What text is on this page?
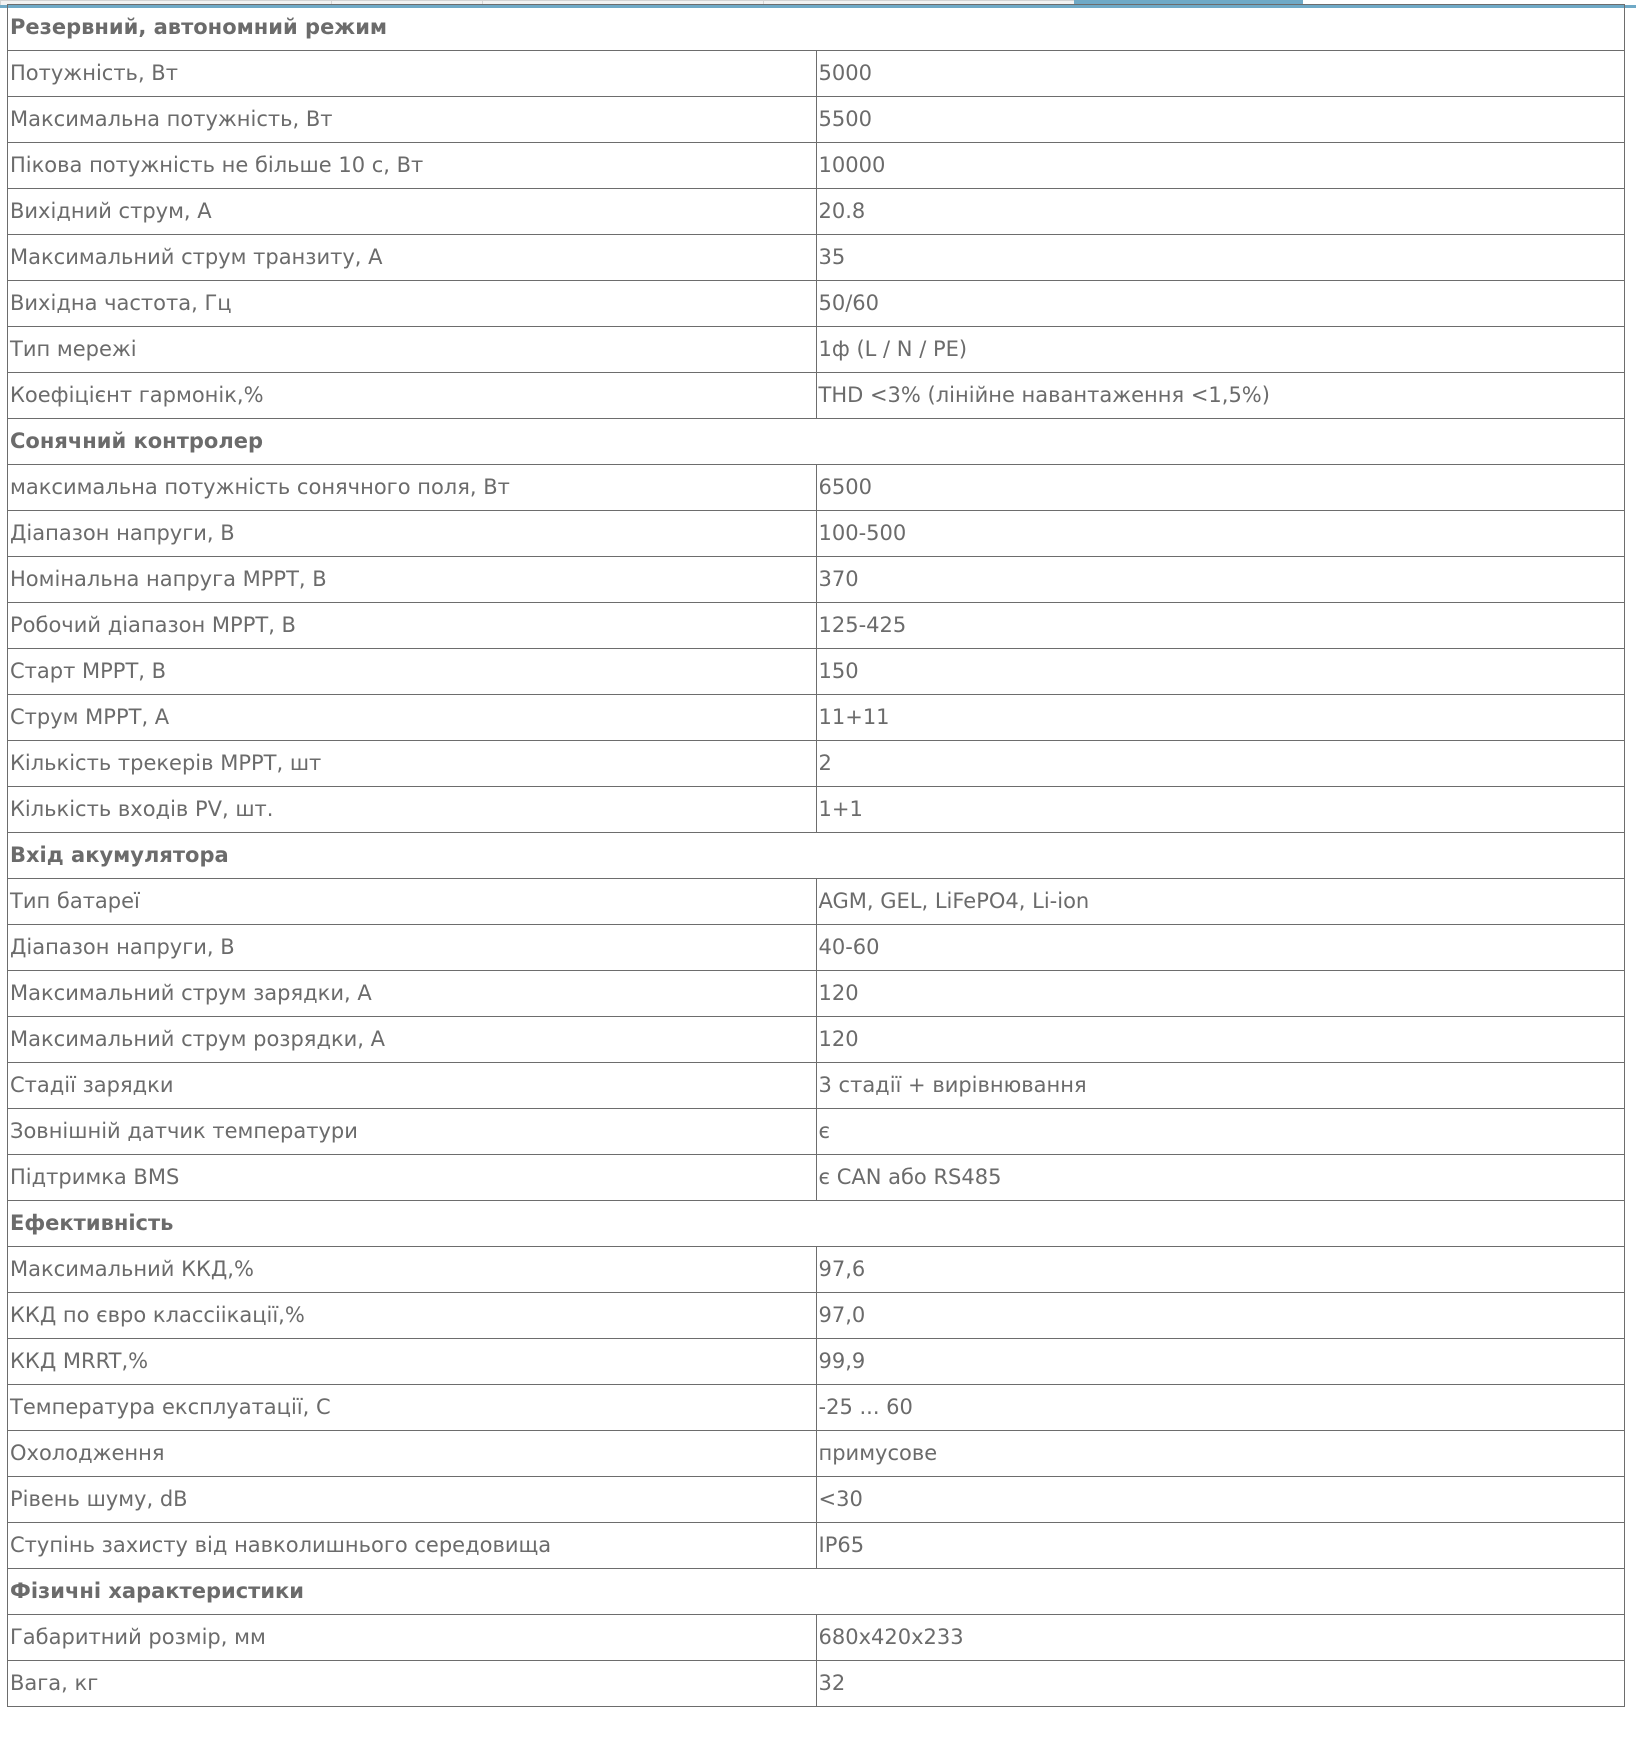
Резервний, автономний режим	
Потужність, Вт	5000
Максимальна потужність, Вт	5500
Пікова потужність не більше 10 с, Вт	10000
Вихідний струм, А	20.8
Максимальний струм транзиту, А	35
Вихідна частота, Гц	50/60
Тип мережі	1ф (L / N / PE)
Коефіцієнт гармонік,%	THD <3% (лінійне навантаження <1,5%)
Сонячний контролер	
максимальна потужність сонячного поля, Вт	6500
Діапазон напруги, В	100-500
Номінальна напруга MPPT, В	370
Робочий діапазон MPPT, В	125-425
Старт MPPT, В	150
Струм MPPT, А	11+11
Кількість трекерів MPPT, шт	2
Кількість входів PV, шт.	1+1
Вхід акумулятора	
Тип батареї	AGM, GEL, LiFePO4, Li-ion
Діапазон напруги, В	40-60
Максимальний струм зарядки, А	120
Максимальний струм розрядки, А	120
Стадії зарядки	3 стадії + вирівнювання
Зовнішній датчик температури	є
Підтримка BMS	є CAN або RS485
Ефективність	
Максимальний ККД,%	97,6
ККД по євро классіікації,%	97,0
ККД MRRT,%	99,9
Температура експлуатації, С	-25 ... 60
Охолодження	примусове
Рівень шуму, dB	<30
Ступінь захисту від навколишнього середовища	IP65
Фізичні характеристики	
Габаритний розмір, мм	680x420x233
Вага, кг	32
